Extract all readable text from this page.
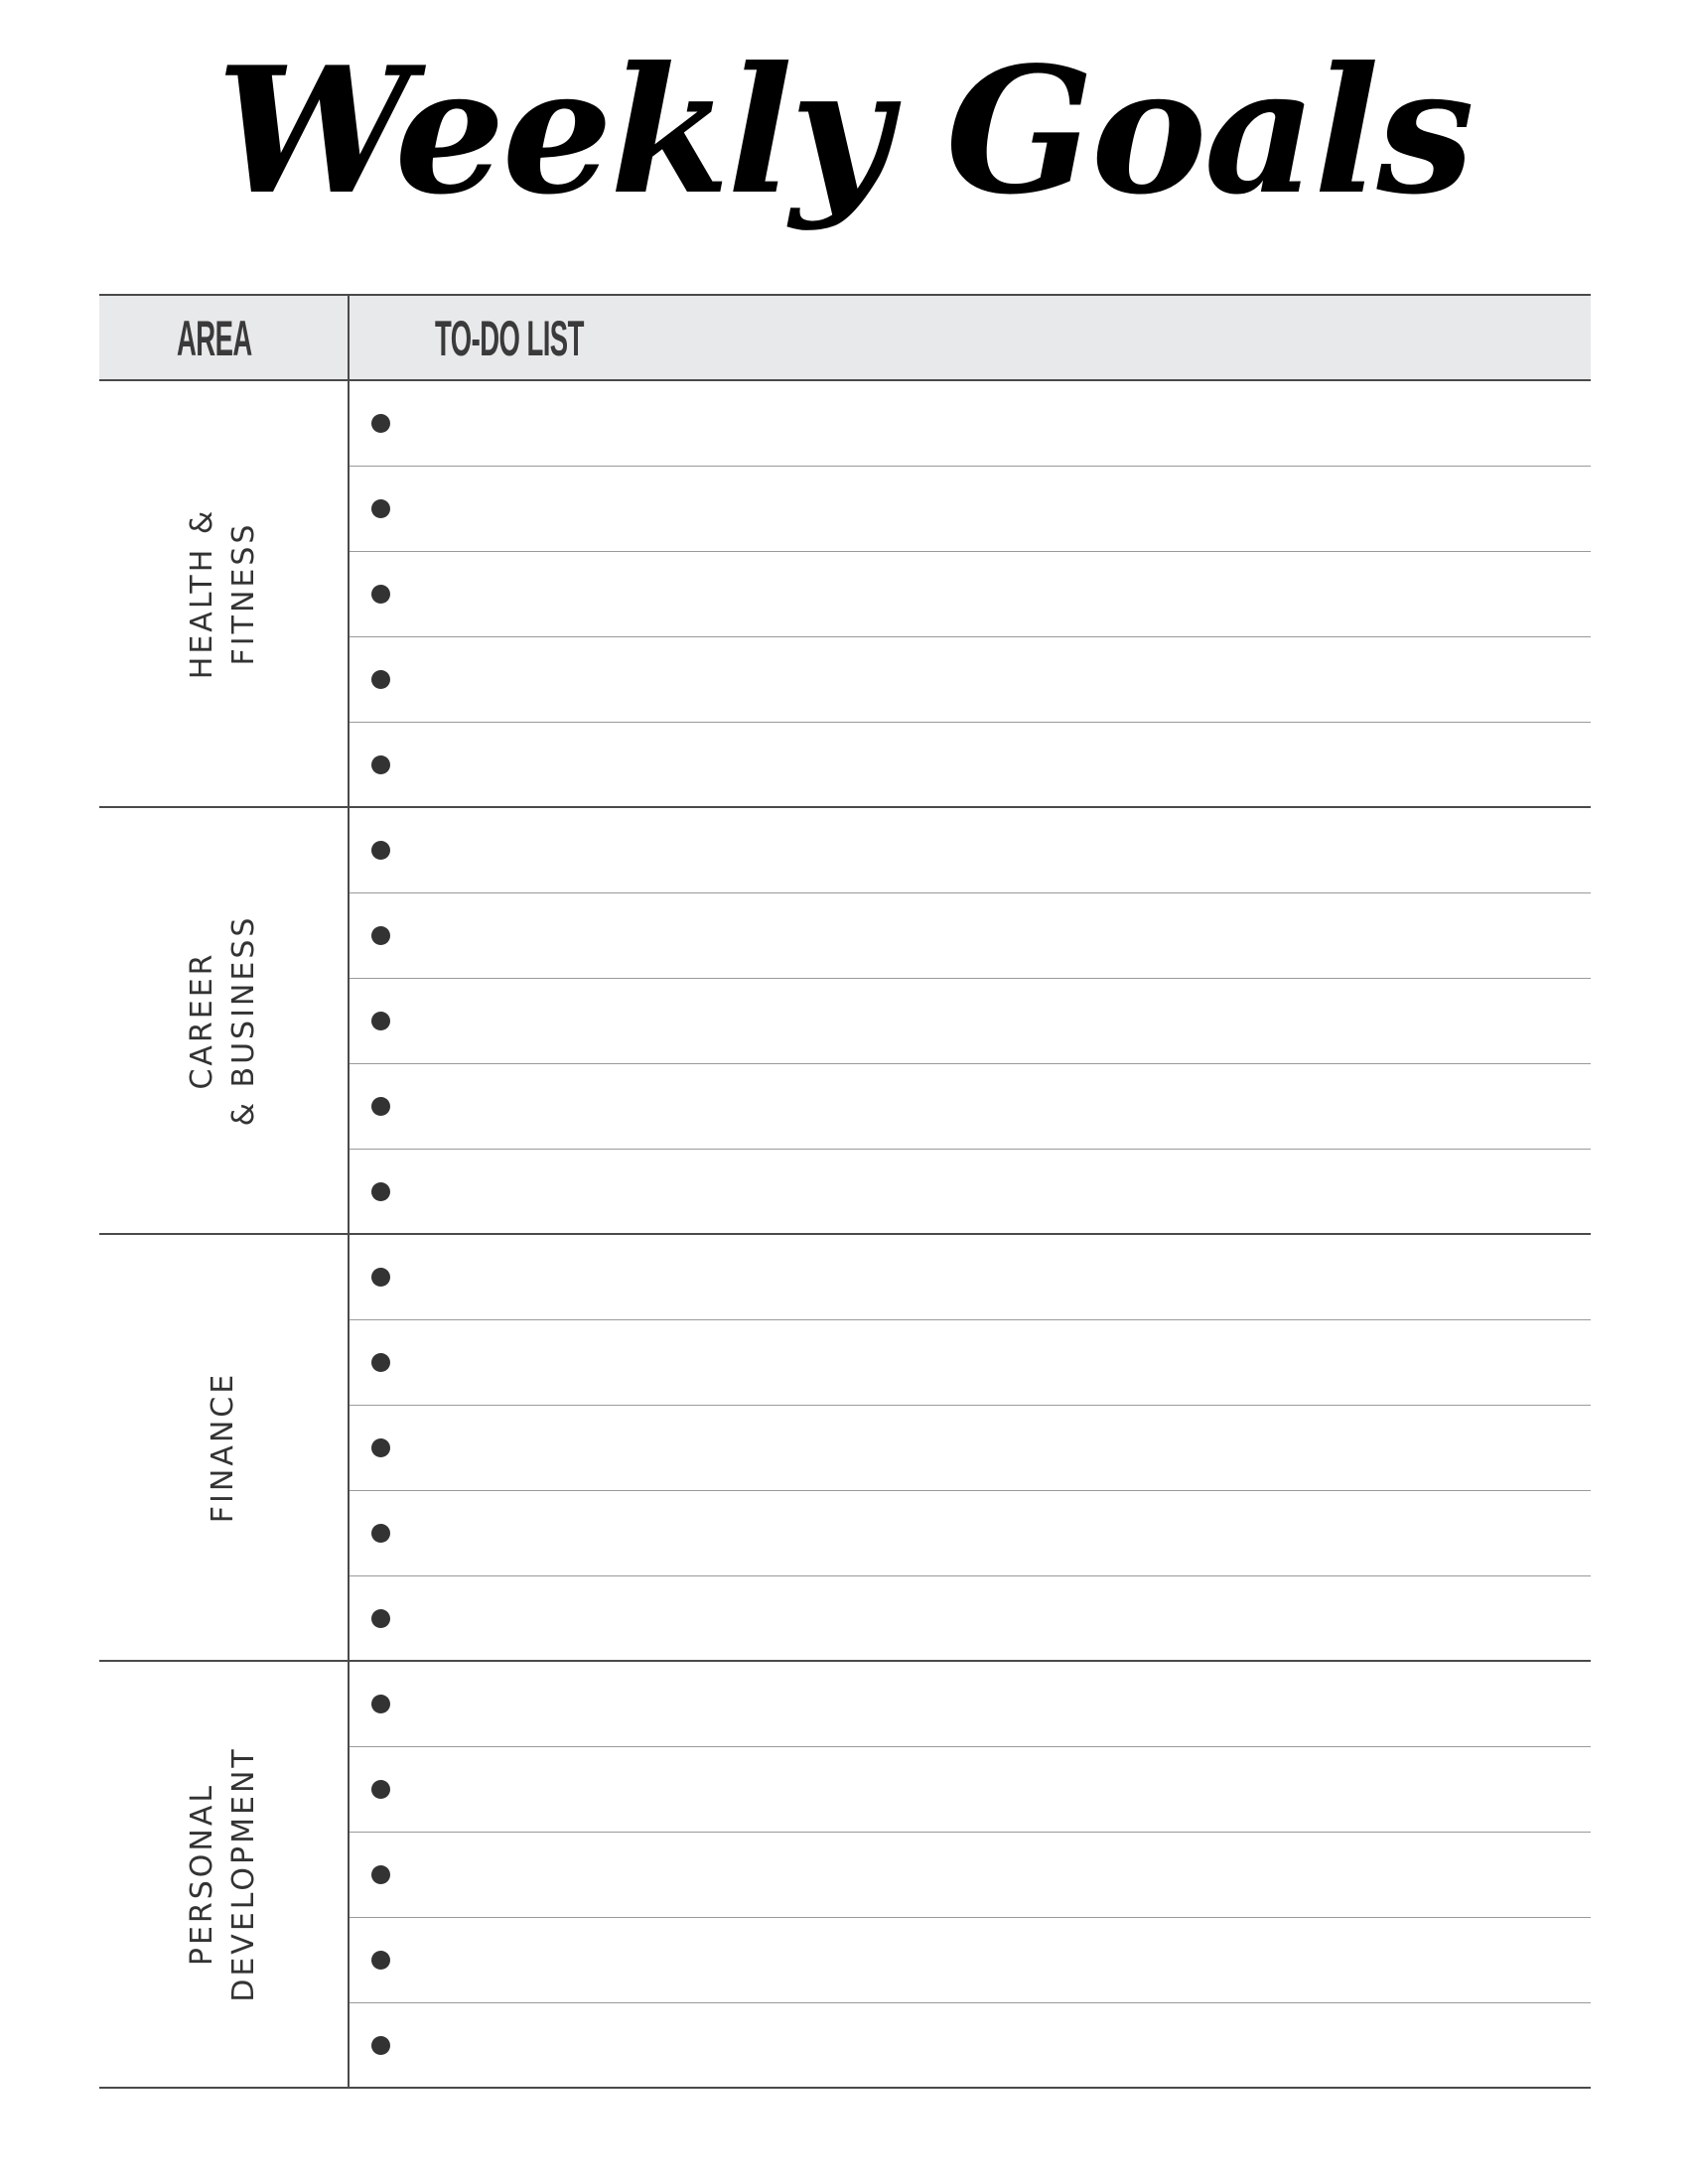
Weekly Goals
AREA	TO-DO LIST
HEALTH & FITNESS
CAREER & BUSINESS
FINANCE
PERSONAL DEVELOPMENT
